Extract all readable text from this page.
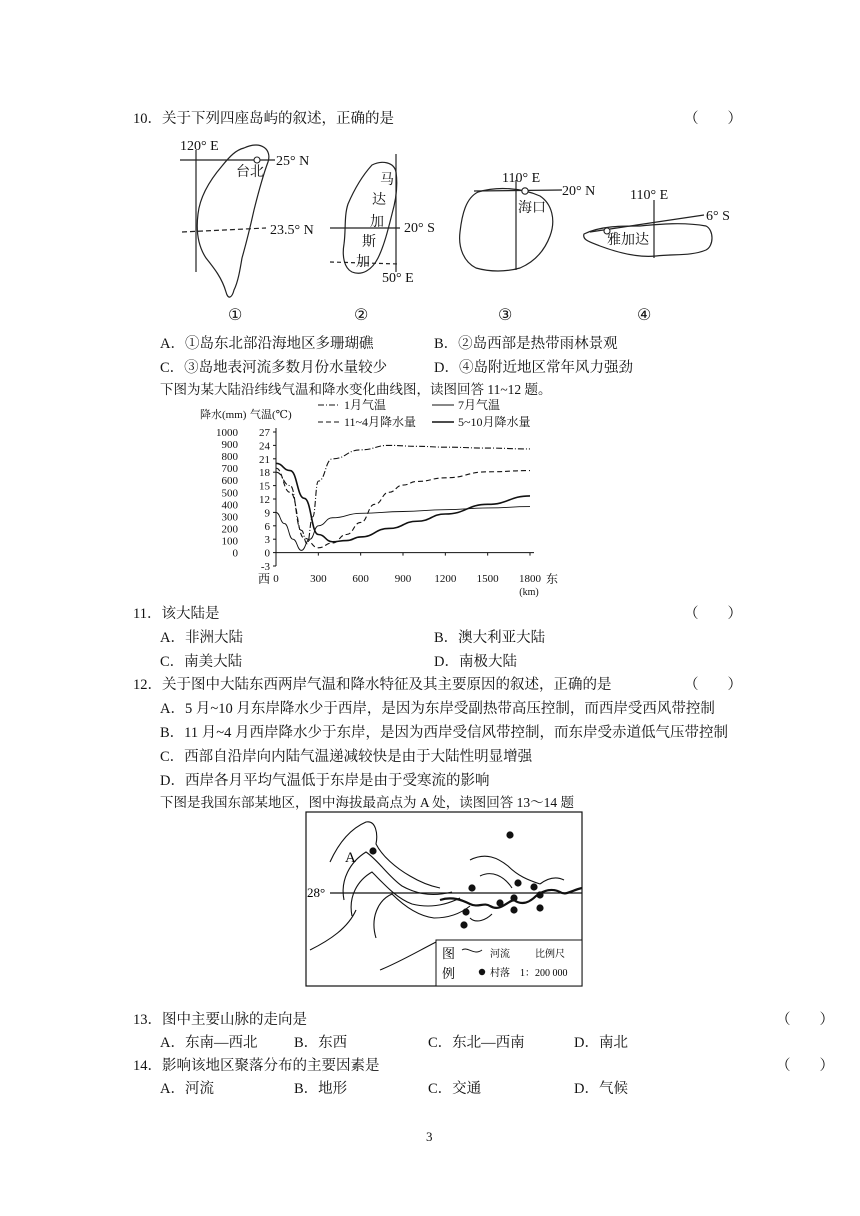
10．关于下列四座岛屿的叙述，正确的是	（　　）
120° E
25° N
23.5° N
台北
①
马
达
加
斯
加
20° S
50° E
②
110° E
20° N
海口
③
110° E
6° S
雅加达
④
A．①岛东北部沿海地区多珊瑚礁	B．②岛西部是热带雨林景观
C．③岛地表河流多数月份水量较少	D．④岛附近地区常年风力强劲
下图为某大陆沿纬线气温和降水变化曲线图，读图回答 11~12 题。
-3
0
3
6
9
12
15
18
21
24
27
0
100
200
300
400
500
600
700
800
900
1000
0	300 600 900 1200 1500 1800
西	东
(km)
降水(mm) 气温(℃)
1月气温	7月气温
11~4月降水量	5~10月降水量
11．该大陆是	（　　）
A．非洲大陆	B．澳大利亚大陆
C．南美大陆	D．南极大陆
12．关于图中大陆东西两岸气温和降水特征及其主要原因的叙述，正确的是	（　　）
A．5 月~10 月东岸降水少于西岸，是因为东岸受副热带高压控制，而西岸受西风带控制
B．11 月~4 月西岸降水少于东岸，是因为西岸受信风带控制，而东岸受赤道低气压带控制
C．西部自沿岸向内陆气温递减较快是由于大陆性明显增强
D．西岸各月平均气温低于东岸是由于受寒流的影响
下图是我国东部某地区，图中海拔最高点为 A 处，读图回答 13～14 题
A
28°
图
例
河流	比例尺
村落 1：200 000
13．图中主要山脉的走向是	（　　）
A．东南—西北	B．东西	C．东北—西南	D．南北
14．影响该地区聚落分布的主要因素是	（　　）
A．河流	B．地形	C．交通	D．气候
3
